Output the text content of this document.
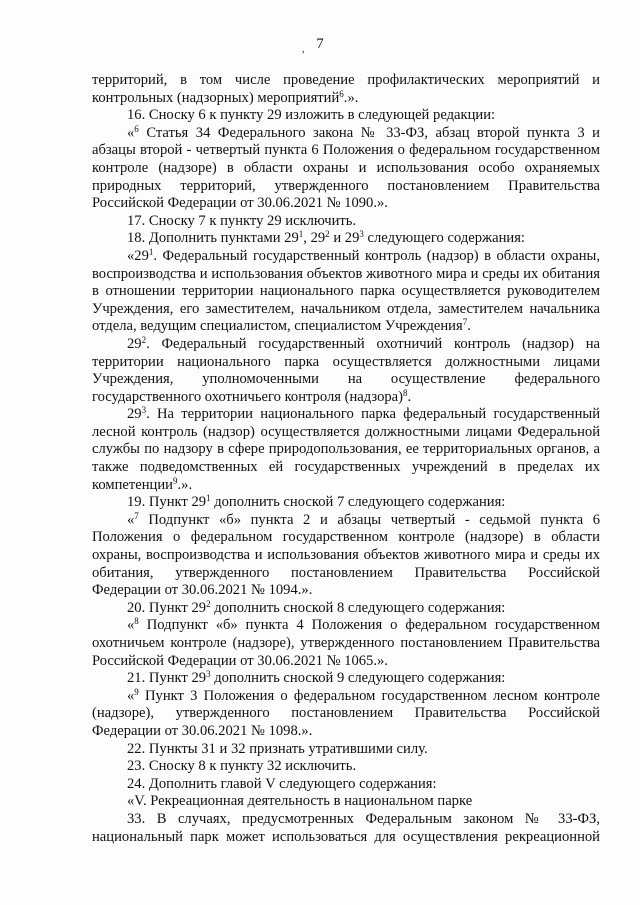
, 7

территорий, в том числе проведение профилактических мероприятий и контрольных (надзорных) мероприятий$^6$.».

16. Сноску 6 к пункту 29 изложить в следующей редакции:

«$^6$ Статья 34 Федерального закона № 33-ФЗ, абзац второй пункта 3 и абзацы второй - четвертый пункта 6 Положения о федеральном государственном контроле (надзоре) в области охраны и использования особо охраняемых природных территорий, утвержденного постановлением Правительства Российской Федерации от 30.06.2021 № 1090.».

17. Сноску 7 к пункту 29 исключить.

18. Дополнить пунктами $29^1$, $29^2$ и $29^3$ следующего содержания:

«$29^1$. Федеральный государственный контроль (надзор) в области охраны, воспроизводства и использования объектов животного мира и среды их обитания в отношении территории национального парка осуществляется руководителем Учреждения, его заместителем, начальником отдела, заместителем начальника отдела, ведущим специалистом, специалистом Учреждения$^7$.

$29^2$. Федеральный государственный охотничий контроль (надзор) на территории национального парка осуществляется должностными лицами Учреждения, уполномоченными на осуществление федерального государственного охотничьего контроля (надзора)$^8$.

$29^3$. На территории национального парка федеральный государственный лесной контроль (надзор) осуществляется должностными лицами Федеральной службы по надзору в сфере природопользования, ее территориальных органов, а также подведомственных ей государственных учреждений в пределах их компетенции$^9$.».

19. Пункт $29^1$ дополнить сноской 7 следующего содержания:

«$^7$ Подпункт «б» пункта 2 и абзацы четвертый - седьмой пункта 6 Положения о федеральном государственном контроле (надзоре) в области охраны, воспроизводства и использования объектов животного мира и среды их обитания, утвержденного постановлением Правительства Российской Федерации от 30.06.2021 № 1094.».

20. Пункт $29^2$ дополнить сноской 8 следующего содержания:

«$^8$ Подпункт «б» пункта 4 Положения о федеральном государственном охотничьем контроле (надзоре), утвержденного постановлением Правительства Российской Федерации от 30.06.2021 № 1065.».

21. Пункт $29^3$ дополнить сноской 9 следующего содержания:

«$^9$ Пункт 3 Положения о федеральном государственном лесном контроле (надзоре), утвержденного постановлением Правительства Российской Федерации от 30.06.2021 № 1098.».

22. Пункты 31 и 32 признать утратившими силу.

23. Сноску 8 к пункту 32 исключить.

24. Дополнить главой V следующего содержания:

«V. Рекреационная деятельность в национальном парке

33. В случаях, предусмотренных Федеральным законом № 33-ФЗ, национальный парк может использоваться для осуществления рекреационной
